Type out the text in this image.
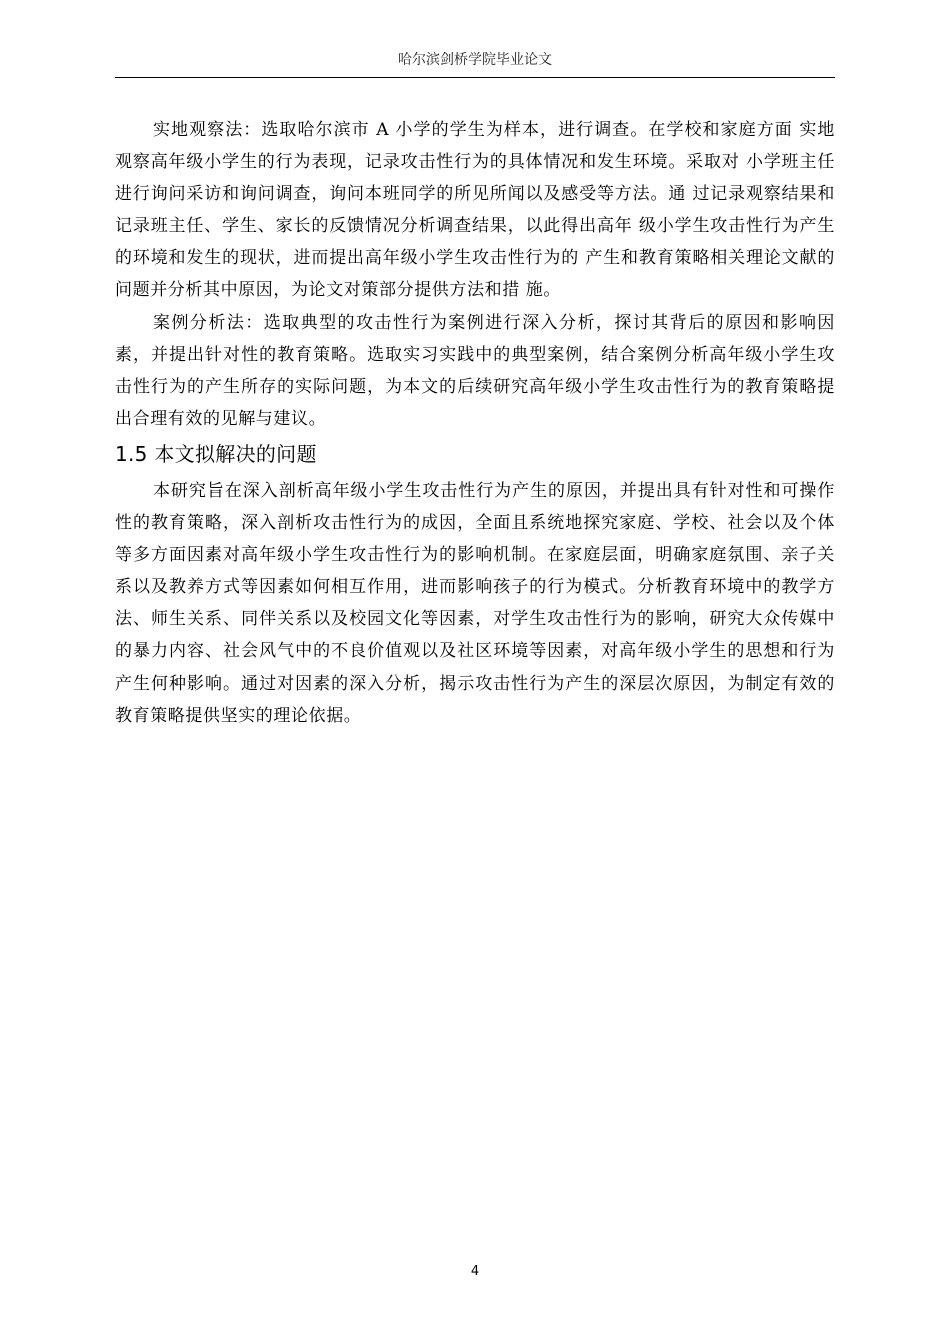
哈尔滨剑桥学院毕业论文

实地观察法：选取哈尔滨市 A 小学的学生为样本，进行调查。在学校和家庭方面 实地观察高年级小学生的行为表现，记录攻击性行为的具体情况和发生环境。采取对 小学班主任进行询问采访和询问调查，询问本班同学的所见所闻以及感受等方法。通 过记录观察结果和记录班主任、学生、家长的反馈情况分析调查结果，以此得出高年 级小学生攻击性行为产生的环境和发生的现状，进而提出高年级小学生攻击性行为的 产生和教育策略相关理论文献的问题并分析其中原因，为论文对策部分提供方法和措 施。

案例分析法：选取典型的攻击性行为案例进行深入分析，探讨其背后的原因和影响因素，并提出针对性的教育策略。选取实习实践中的典型案例，结合案例分析高年级小学生攻击性行为的产生所存的实际问题，为本文的后续研究高年级小学生攻击性行为的教育策略提出合理有效的见解与建议。

1.5 本文拟解决的问题

本研究旨在深入剖析高年级小学生攻击性行为产生的原因，并提出具有针对性和可操作性的教育策略，深入剖析攻击性行为的成因，全面且系统地探究家庭、学校、社会以及个体等多方面因素对高年级小学生攻击性行为的影响机制。在家庭层面，明确家庭氛围、亲子关系以及教养方式等因素如何相互作用，进而影响孩子的行为模式。分析教育环境中的教学方法、师生关系、同伴关系以及校园文化等因素，对学生攻击性行为的影响，研究大众传媒中的暴力内容、社会风气中的不良价值观以及社区环境等因素，对高年级小学生的思想和行为产生何种影响。通过对因素的深入分析，揭示攻击性行为产生的深层次原因，为制定有效的教育策略提供坚实的理论依据。

4
